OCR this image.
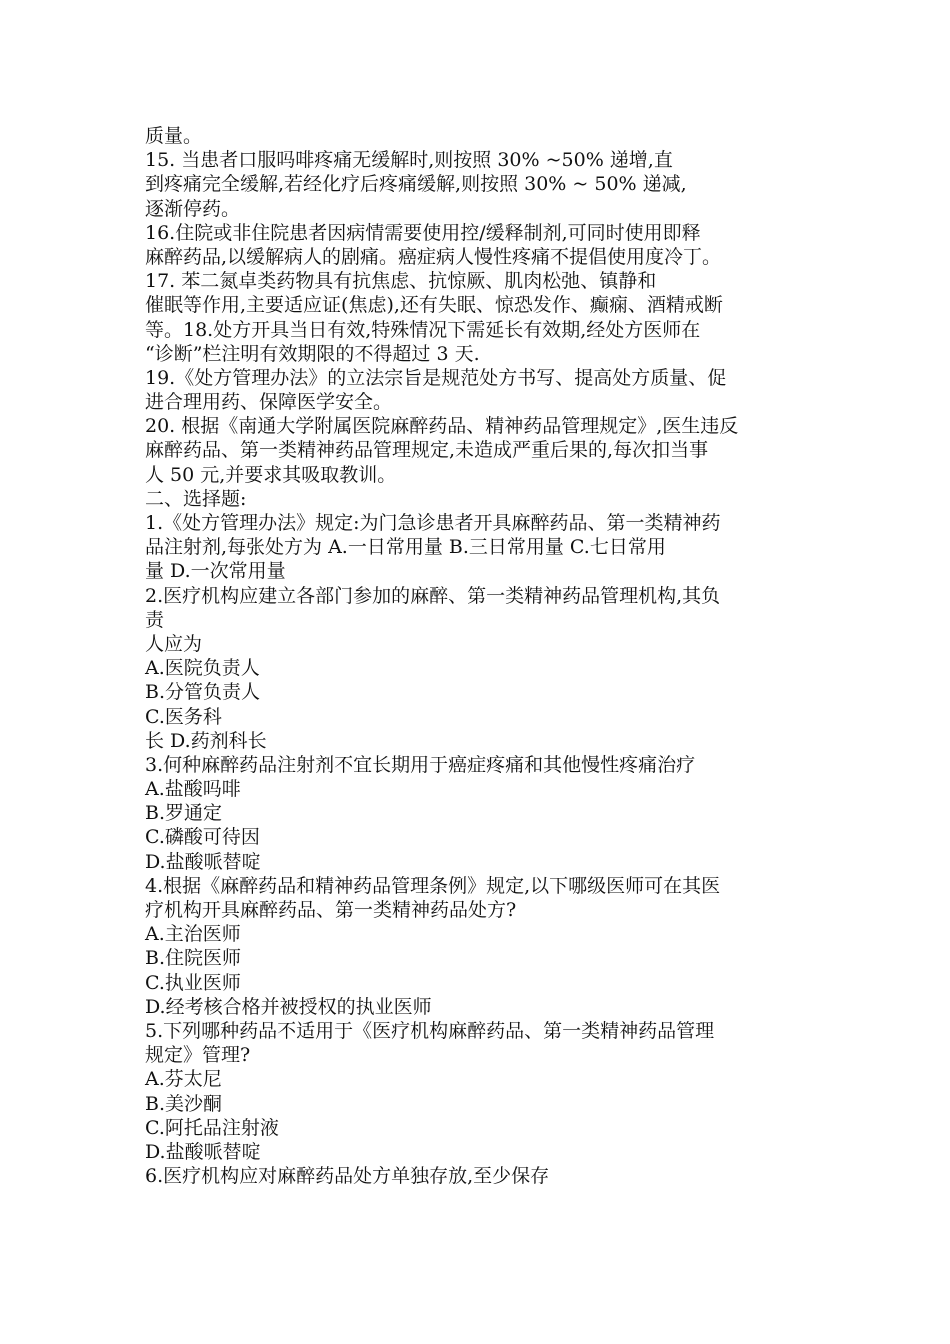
质量。
15. 当患者口服吗啡疼痛无缓解时,则按照 30% ~50% 递增,直
到疼痛完全缓解,若经化疗后疼痛缓解,则按照 30% ~ 50% 递减,
逐渐停药。
16.住院或非住院患者因病情需要使用控/缓释制剂,可同时使用即释
麻醉药品,以缓解病人的剧痛。癌症病人慢性疼痛不提倡使用度冷丁。
17. 苯二氮卓类药物具有抗焦虑、抗惊厥、肌肉松弛、镇静和
催眠等作用,主要适应证(焦虑),还有失眠、惊恐发作、癫痫、酒精戒断
等。18.处方开具当日有效,特殊情况下需延长有效期,经处方医师在
“诊断”栏注明有效期限的不得超过 3 天.
19.《处方管理办法》的立法宗旨是规范处方书写、提高处方质量、促
进合理用药、保障医学安全。
20. 根据《南通大学附属医院麻醉药品、精神药品管理规定》,医生违反
麻醉药品、第一类精神药品管理规定,未造成严重后果的,每次扣当事
人 50 元,并要求其吸取教训。
二、选择题:
1.《处方管理办法》规定:为门急诊患者开具麻醉药品、第一类精神药
品注射剂,每张处方为 A.一日常用量 B.三日常用量 C.七日常用
量 D.一次常用量
2.医疗机构应建立各部门参加的麻醉、第一类精神药品管理机构,其负
责
人应为
A.医院负责人
B.分管负责人
C.医务科
长 D.药剂科长
3.何种麻醉药品注射剂不宜长期用于癌症疼痛和其他慢性疼痛治疗
A.盐酸吗啡
B.罗通定
C.磷酸可待因
D.盐酸哌替啶
4.根据《麻醉药品和精神药品管理条例》规定,以下哪级医师可在其医
疗机构开具麻醉药品、第一类精神药品处方?
A.主治医师
B.住院医师
C.执业医师
D.经考核合格并被授权的执业医师
5.下列哪种药品不适用于《医疗机构麻醉药品、第一类精神药品管理
规定》管理?
A.芬太尼
B.美沙酮
C.阿托品注射液
D.盐酸哌替啶
6.医疗机构应对麻醉药品处方单独存放,至少保存
